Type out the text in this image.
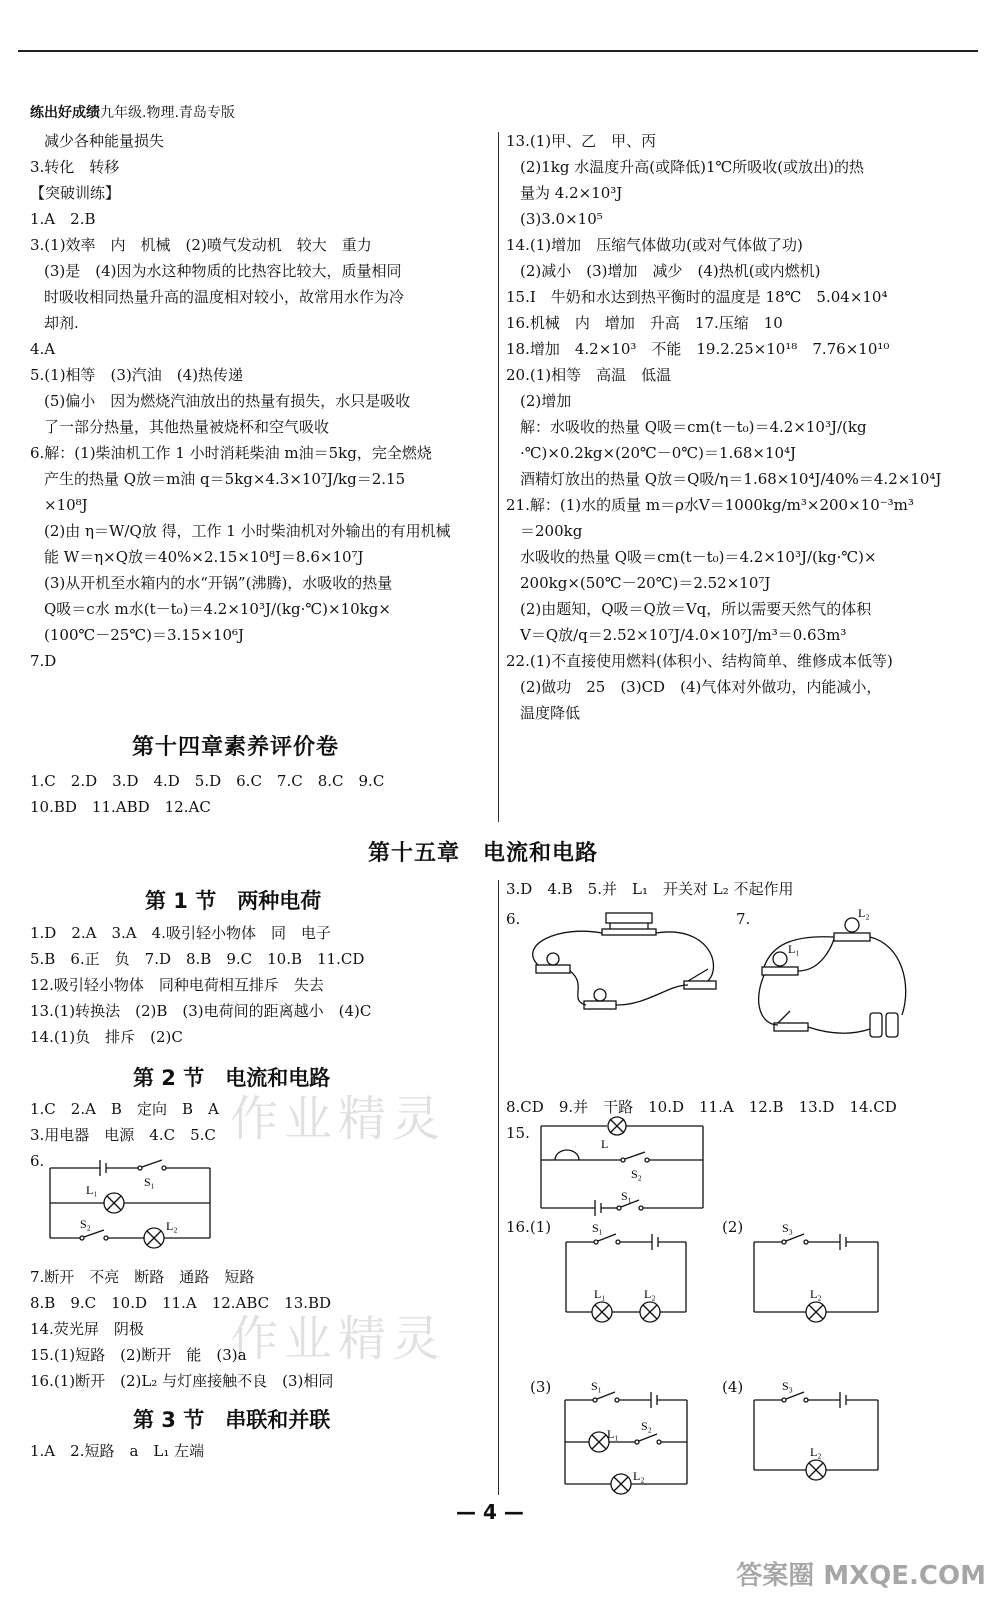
练出好成绩九年级.物理.青岛专版
减少各种能量损失
3.转化　转移
【突破训练】
1.A　2.B
3.(1)效率　内　机械　(2)喷气发动机　较大　重力
(3)是　(4)因为水这种物质的比热容比较大，质量相同
时吸收相同热量升高的温度相对较小，故常用水作为冷
却剂.
4.A
5.(1)相等　(3)汽油　(4)热传递
(5)偏小　因为燃烧汽油放出的热量有损失，水只是吸收
了一部分热量，其他热量被烧杯和空气吸收
6.解：(1)柴油机工作 1 小时消耗柴油 m油＝5kg，完全燃烧
产生的热量 Q放＝m油 q＝5kg×4.3×10⁷J/kg＝2.15
×10⁸J
(2)由 η＝W/Q放 得，工作 1 小时柴油机对外输出的有用机械
能 W＝η×Q放＝40%×2.15×10⁸J＝8.6×10⁷J
(3)从开机至水箱内的水“开锅”(沸腾)，水吸收的热量
Q吸＝c水 m水(t－t₀)＝4.2×10³J/(kg·℃)×10kg×
(100℃－25℃)＝3.15×10⁶J
7.D
第十四章素养评价卷
1.C　2.D　3.D　4.D　5.D　6.C　7.C　8.C　9.C
10.BD　11.ABD　12.AC
13.(1)甲、乙　甲、丙
(2)1kg 水温度升高(或降低)1℃所吸收(或放出)的热
量为 4.2×10³J
(3)3.0×10⁵
14.(1)增加　压缩气体做功(或对气体做了功)
(2)减小　(3)增加　减少　(4)热机(或内燃机)
15.Ⅰ　牛奶和水达到热平衡时的温度是 18℃　5.04×10⁴
16.机械　内　增加　升高　17.压缩　10
18.增加　4.2×10³　不能　19.2.25×10¹⁸　7.76×10¹⁰
20.(1)相等　高温　低温
(2)增加
解：水吸收的热量 Q吸＝cm(t－t₀)＝4.2×10³J/(kg
·℃)×0.2kg×(20℃－0℃)＝1.68×10⁴J
酒精灯放出的热量 Q放＝Q吸/η＝1.68×10⁴J/40%＝4.2×10⁴J
21.解：(1)水的质量 m＝ρ水V＝1000kg/m³×200×10⁻³m³
＝200kg
水吸收的热量 Q吸＝cm(t－t₀)＝4.2×10³J/(kg·℃)×
200kg×(50℃－20℃)＝2.52×10⁷J
(2)由题知，Q吸＝Q放＝Vq，所以需要天然气的体积
V＝Q放/q＝2.52×10⁷J/4.0×10⁷J/m³＝0.63m³
22.(1)不直接使用燃料(体积小、结构简单、维修成本低等)
(2)做功　25　(3)CD　(4)气体对外做功，内能减小，
温度降低
第十五章　电流和电路
第 1 节　两种电荷
1.D　2.A　3.A　4.吸引轻小物体　同　电子
5.B　6.正　负　7.D　8.B　9.C　10.B　11.CD
12.吸引轻小物体　同种电荷相互排斥　失去
13.(1)转换法　(2)B　(3)电荷间的距离越小　(4)C
14.(1)负　排斥　(2)C
第 2 节　电流和电路
1.C　2.A　B　定向　B　A
3.用电器　电源　4.C　5.C
6.
S₁
L₁
S₂	L₂
7.断开　不亮　断路　通路　短路
8.B　9.C　10.D　11.A　12.ABC　13.BD
14.荧光屏　阴极
15.(1)短路　(2)断开　能　(3)a
16.(1)断开　(2)L₂ 与灯座接触不良　(3)相同
第 3 节　串联和并联
1.A　2.短路　a　L₁ 左端
3.D　4.B　5.并　L₁　开关对 L₂ 不起作用
6.	7.	L₂
L₁
8.CD　9.并　干路　10.D　11.A　12.B　13.D　14.CD
15.
L
S₂
S₁
16.(1)	(2)
(3)	(4)
S₁
L₁	L₂
S₃
L₂
S₁
L₁
S₂
L₂
S₃
L₂
作业精灵
作业精灵
— 4 —
答案圈 MXQE.COM
